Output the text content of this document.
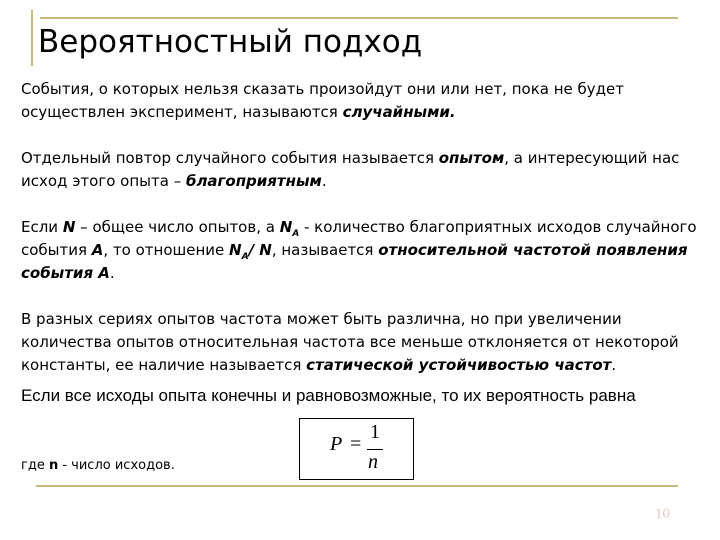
Вероятностный подход

События, о которых нельзя сказать произойдут они или нет, пока не будет осуществлен эксперимент, называются случайными.

Отдельный повтор случайного события называется опытом, а интересующий нас исход этого опыта – благоприятным.

Если N – общее число опытов, а $N_A$ - количество благоприятных исходов случайного события A, то отношение $N_A/$ N, называется относительной частотой появления события A.

В разных сериях опытов частота может быть различна, но при увеличении количества опытов относительная частота все меньше отклоняется от некоторой константы, ее наличие называется статической устойчивостью частот.

Если все исходы опыта конечны и равновозможные, то их вероятность равна
P =
1
n
где n - число исходов.
10
